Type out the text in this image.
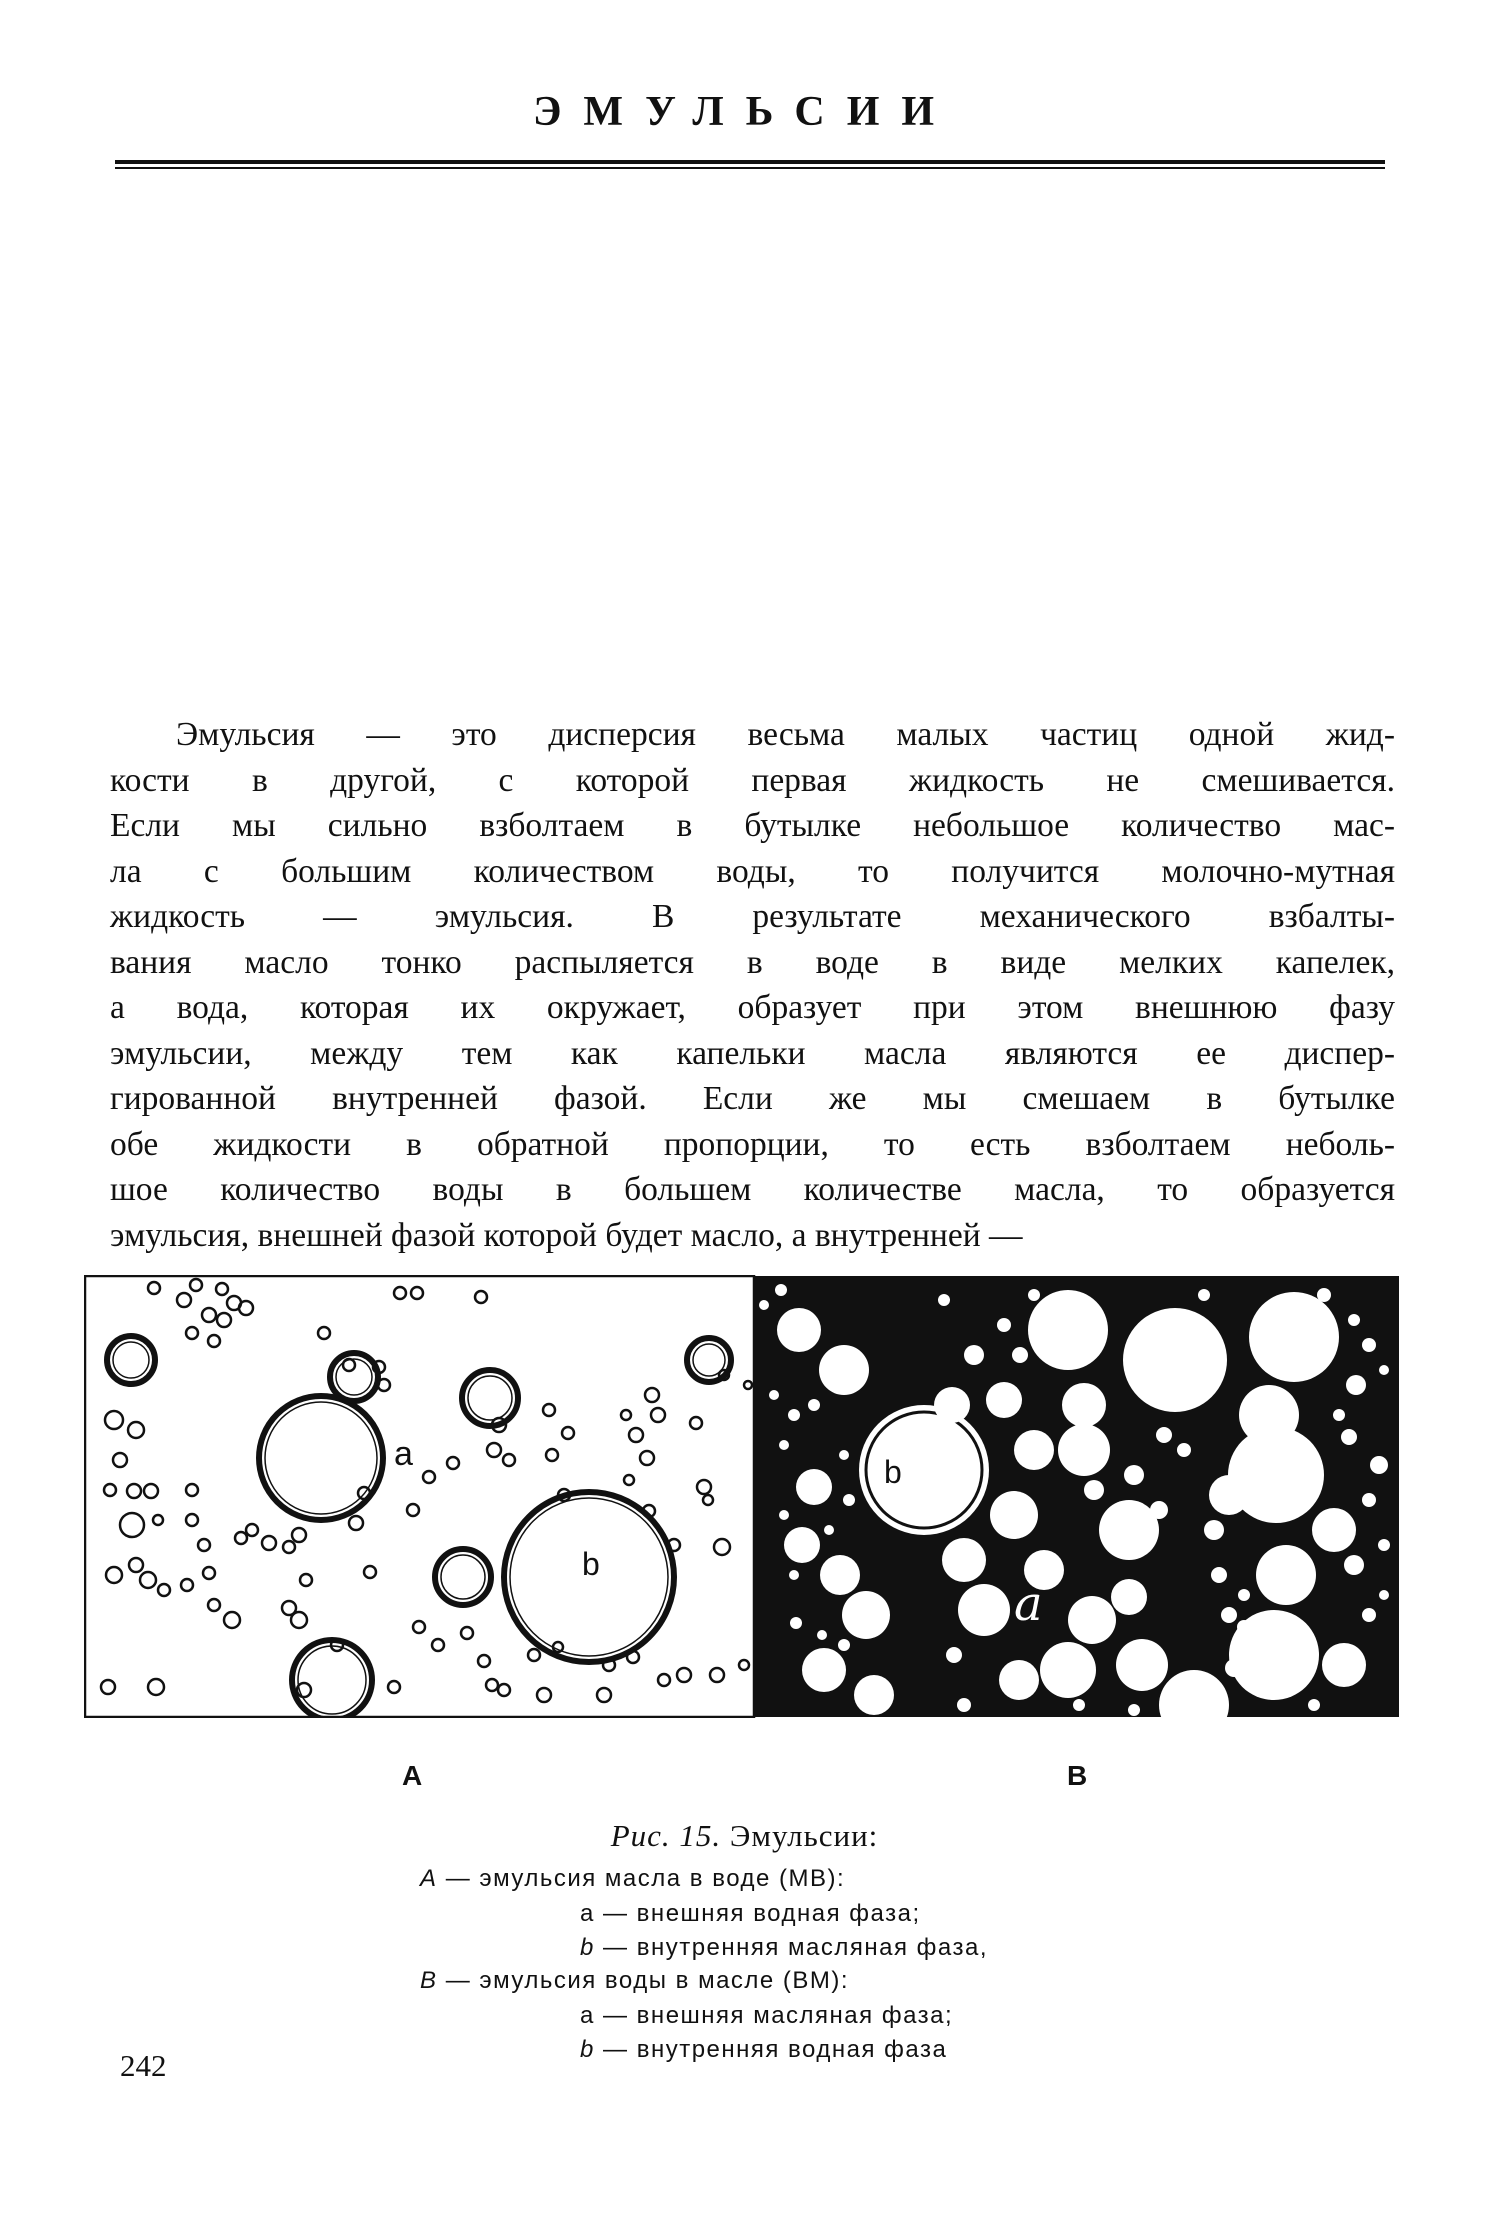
ЭМУЛЬСИИ
Эмульсия — это дисперсия весьма малых частиц одной жид-
кости в другой, с которой первая жидкость не смешивается.
Если мы сильно взболтаем в бутылке небольшое количество мас-
ла с большим количеством воды, то получится молочно-мутная
жидкость — эмульсия. В результате механического взбалты-
вания масло тонко распыляется в водe в виде мелких капелек,
а вода, которая их окружает, образует при этом внешнюю фазу
эмульсии, между тем как капельки масла являются ее диспер-
гированной внутренней фазой. Если же мы смешаем в бутылке
обе жидкости в обратной пропорции, то есть взболтаем неболь-
шое количество воды в большем количестве масла, то образуется
эмульсия, внешней фазой которой будет масло, а внутренней —
a
b
b
a
A	B
Рис. 15. Эмульсии:
A — эмульсия масла в воде (МВ):
a — внешняя водная фаза;
b — внутренняя масляная фаза,
B — эмульсия воды в масле (ВМ):
a — внешняя масляная фаза;
b — внутренняя водная фаза
242
